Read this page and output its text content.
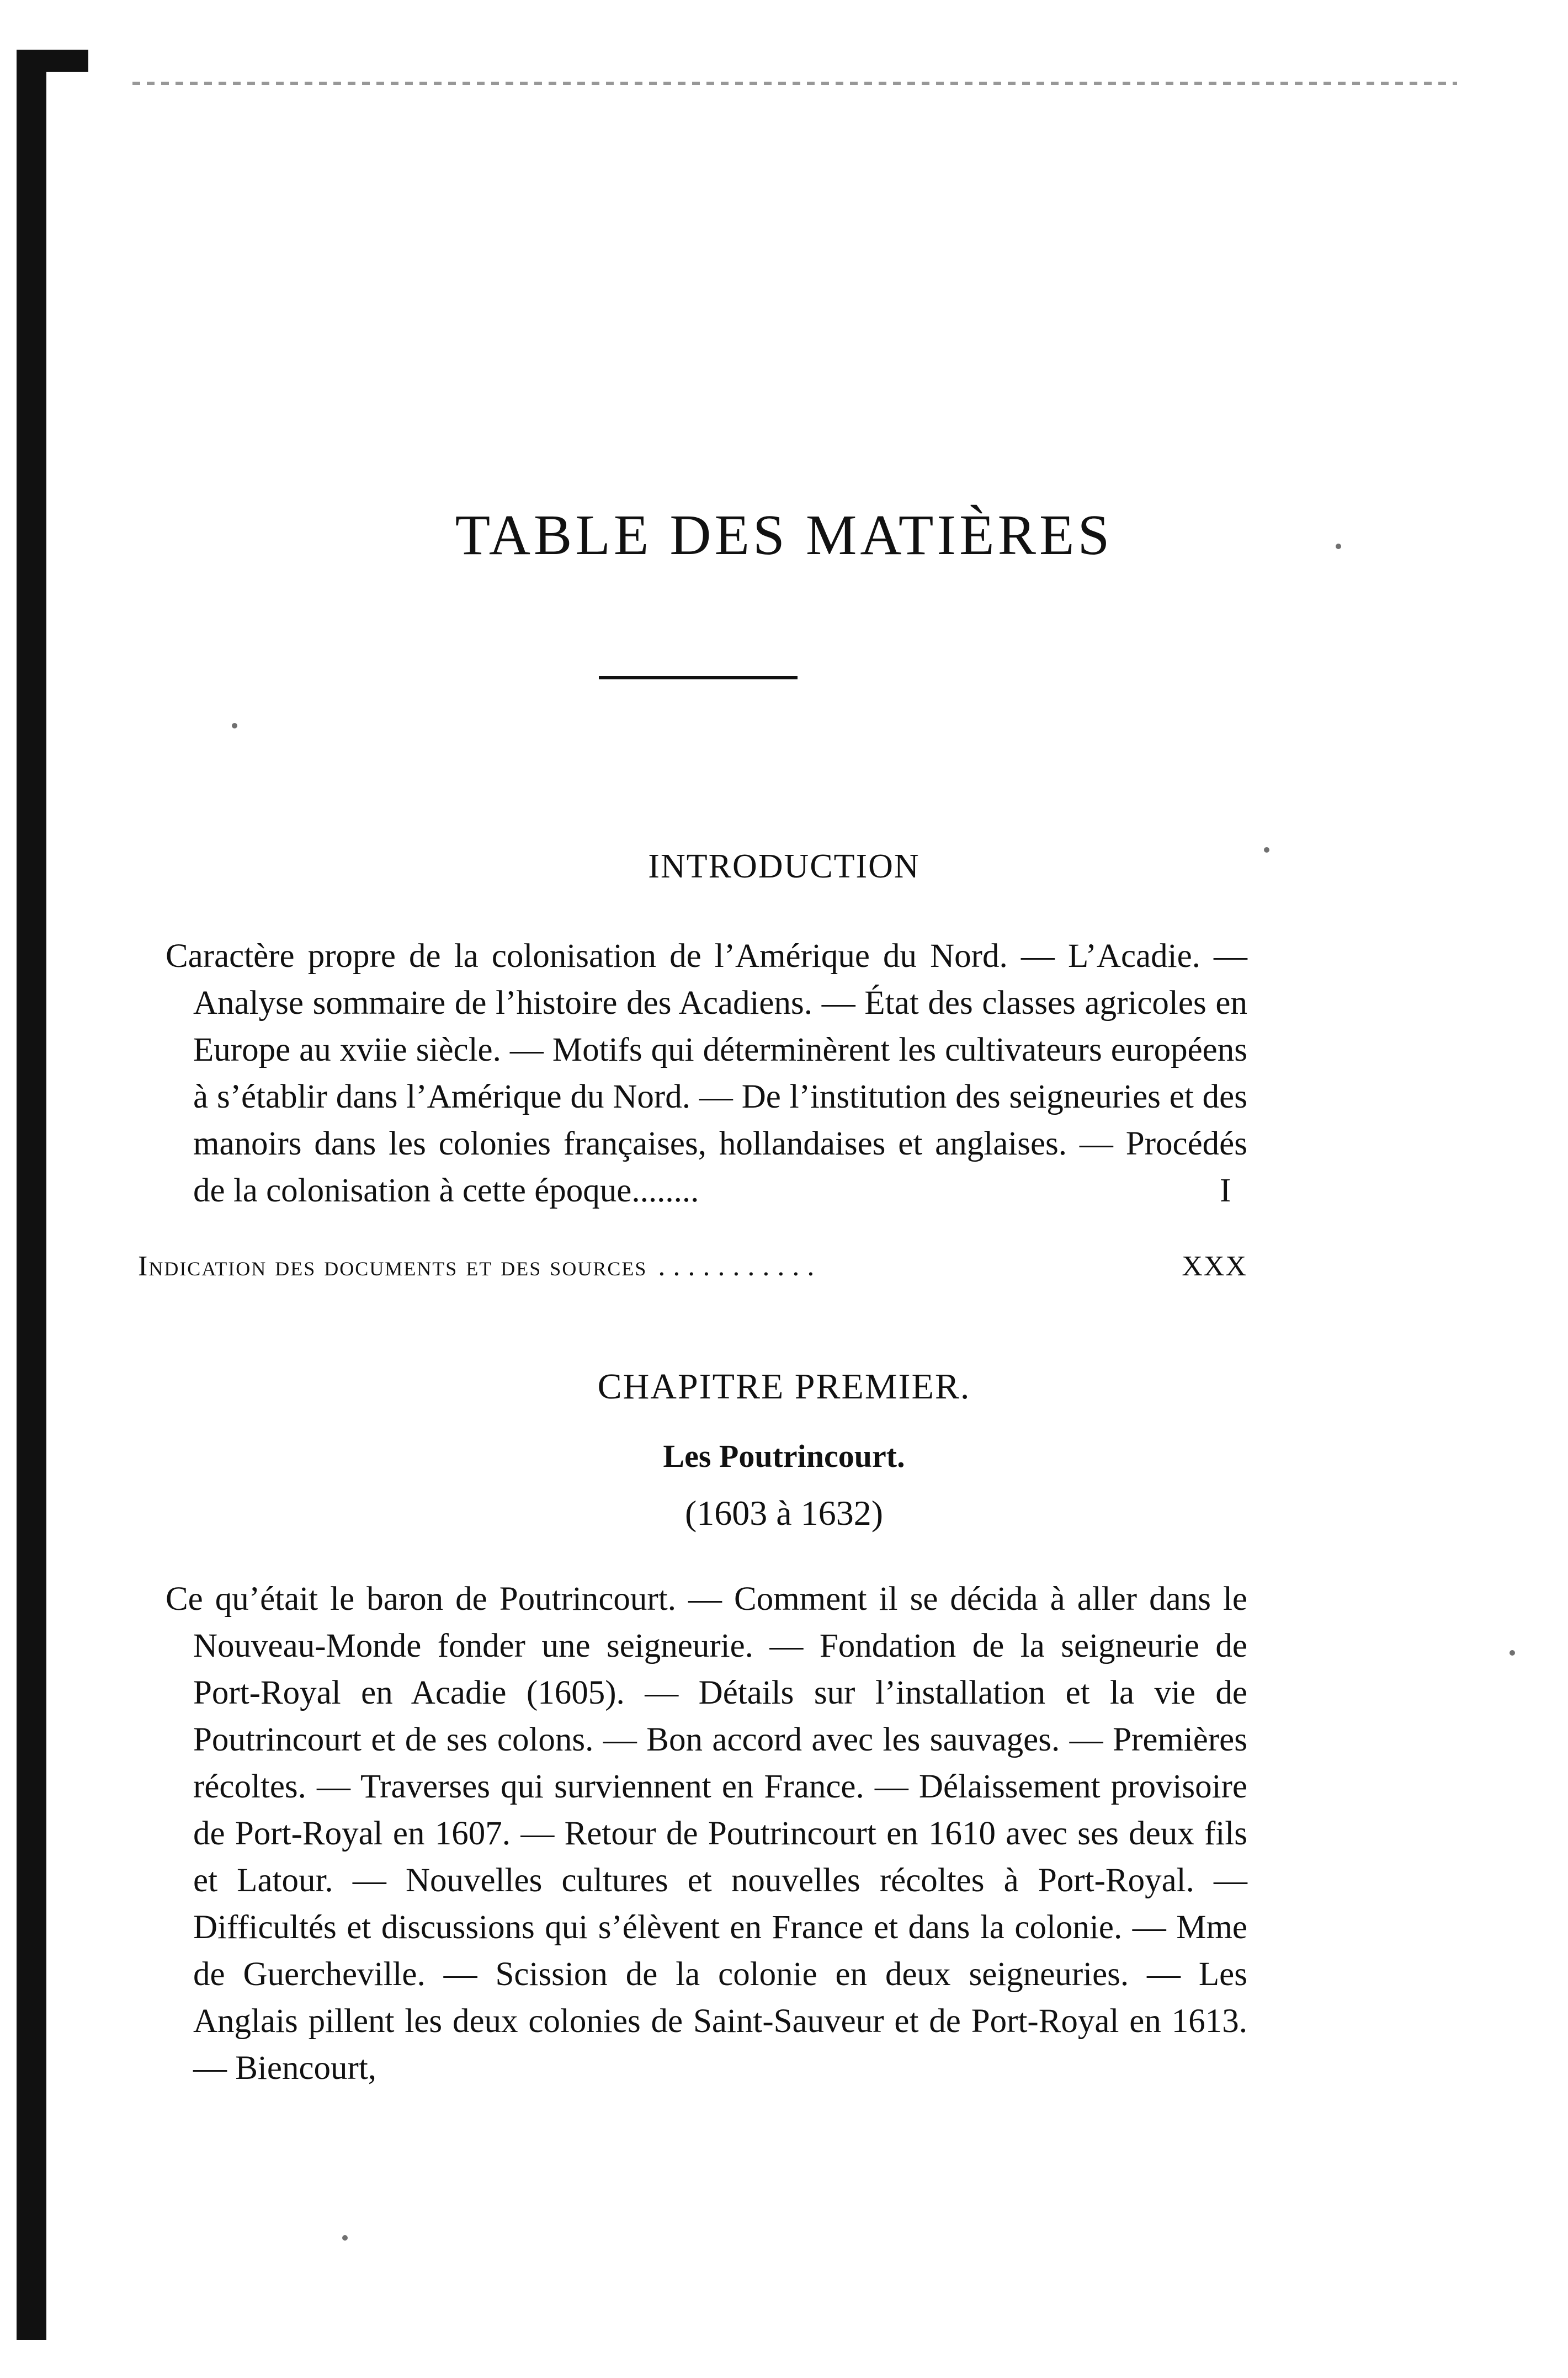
TABLE DES MATIÈRES
INTRODUCTION
Caractère propre de la colonisation de l’Amérique du Nord. — L’Acadie. — Analyse sommaire de l’histoire des Acadiens. — État des classes agricoles en Europe au xviie siècle. — Motifs qui déterminèrent les cultivateurs européens à s’établir dans l’Amérique du Nord. — De l’institution des seigneuries et des manoirs dans les colonies françaises, hollandaises et anglaises. — Procédés de la colonisation à cette époque........	I
Indication des documents et des sources ...........	XXX
CHAPITRE PREMIER.
Les Poutrincourt.
(1603 à 1632)
Ce qu’était le baron de Poutrincourt. — Comment il se décida à aller dans le Nouveau-Monde fonder une seigneurie. — Fondation de la seigneurie de Port-Royal en Acadie (1605). — Détails sur l’installation et la vie de Poutrincourt et de ses colons. — Bon accord avec les sauvages. — Premières récoltes. — Traverses qui surviennent en France. — Délaissement provisoire de Port-Royal en 1607. — Retour de Poutrincourt en 1610 avec ses deux fils et Latour. — Nouvelles cultures et nouvelles récoltes à Port-Royal. — Difficultés et discussions qui s’élèvent en France et dans la colonie. — Mme de Guercheville. — Scission de la colonie en deux seigneuries. — Les Anglais pillent les deux colonies de Saint-Sauveur et de Port-Royal en 1613.— Biencourt,
